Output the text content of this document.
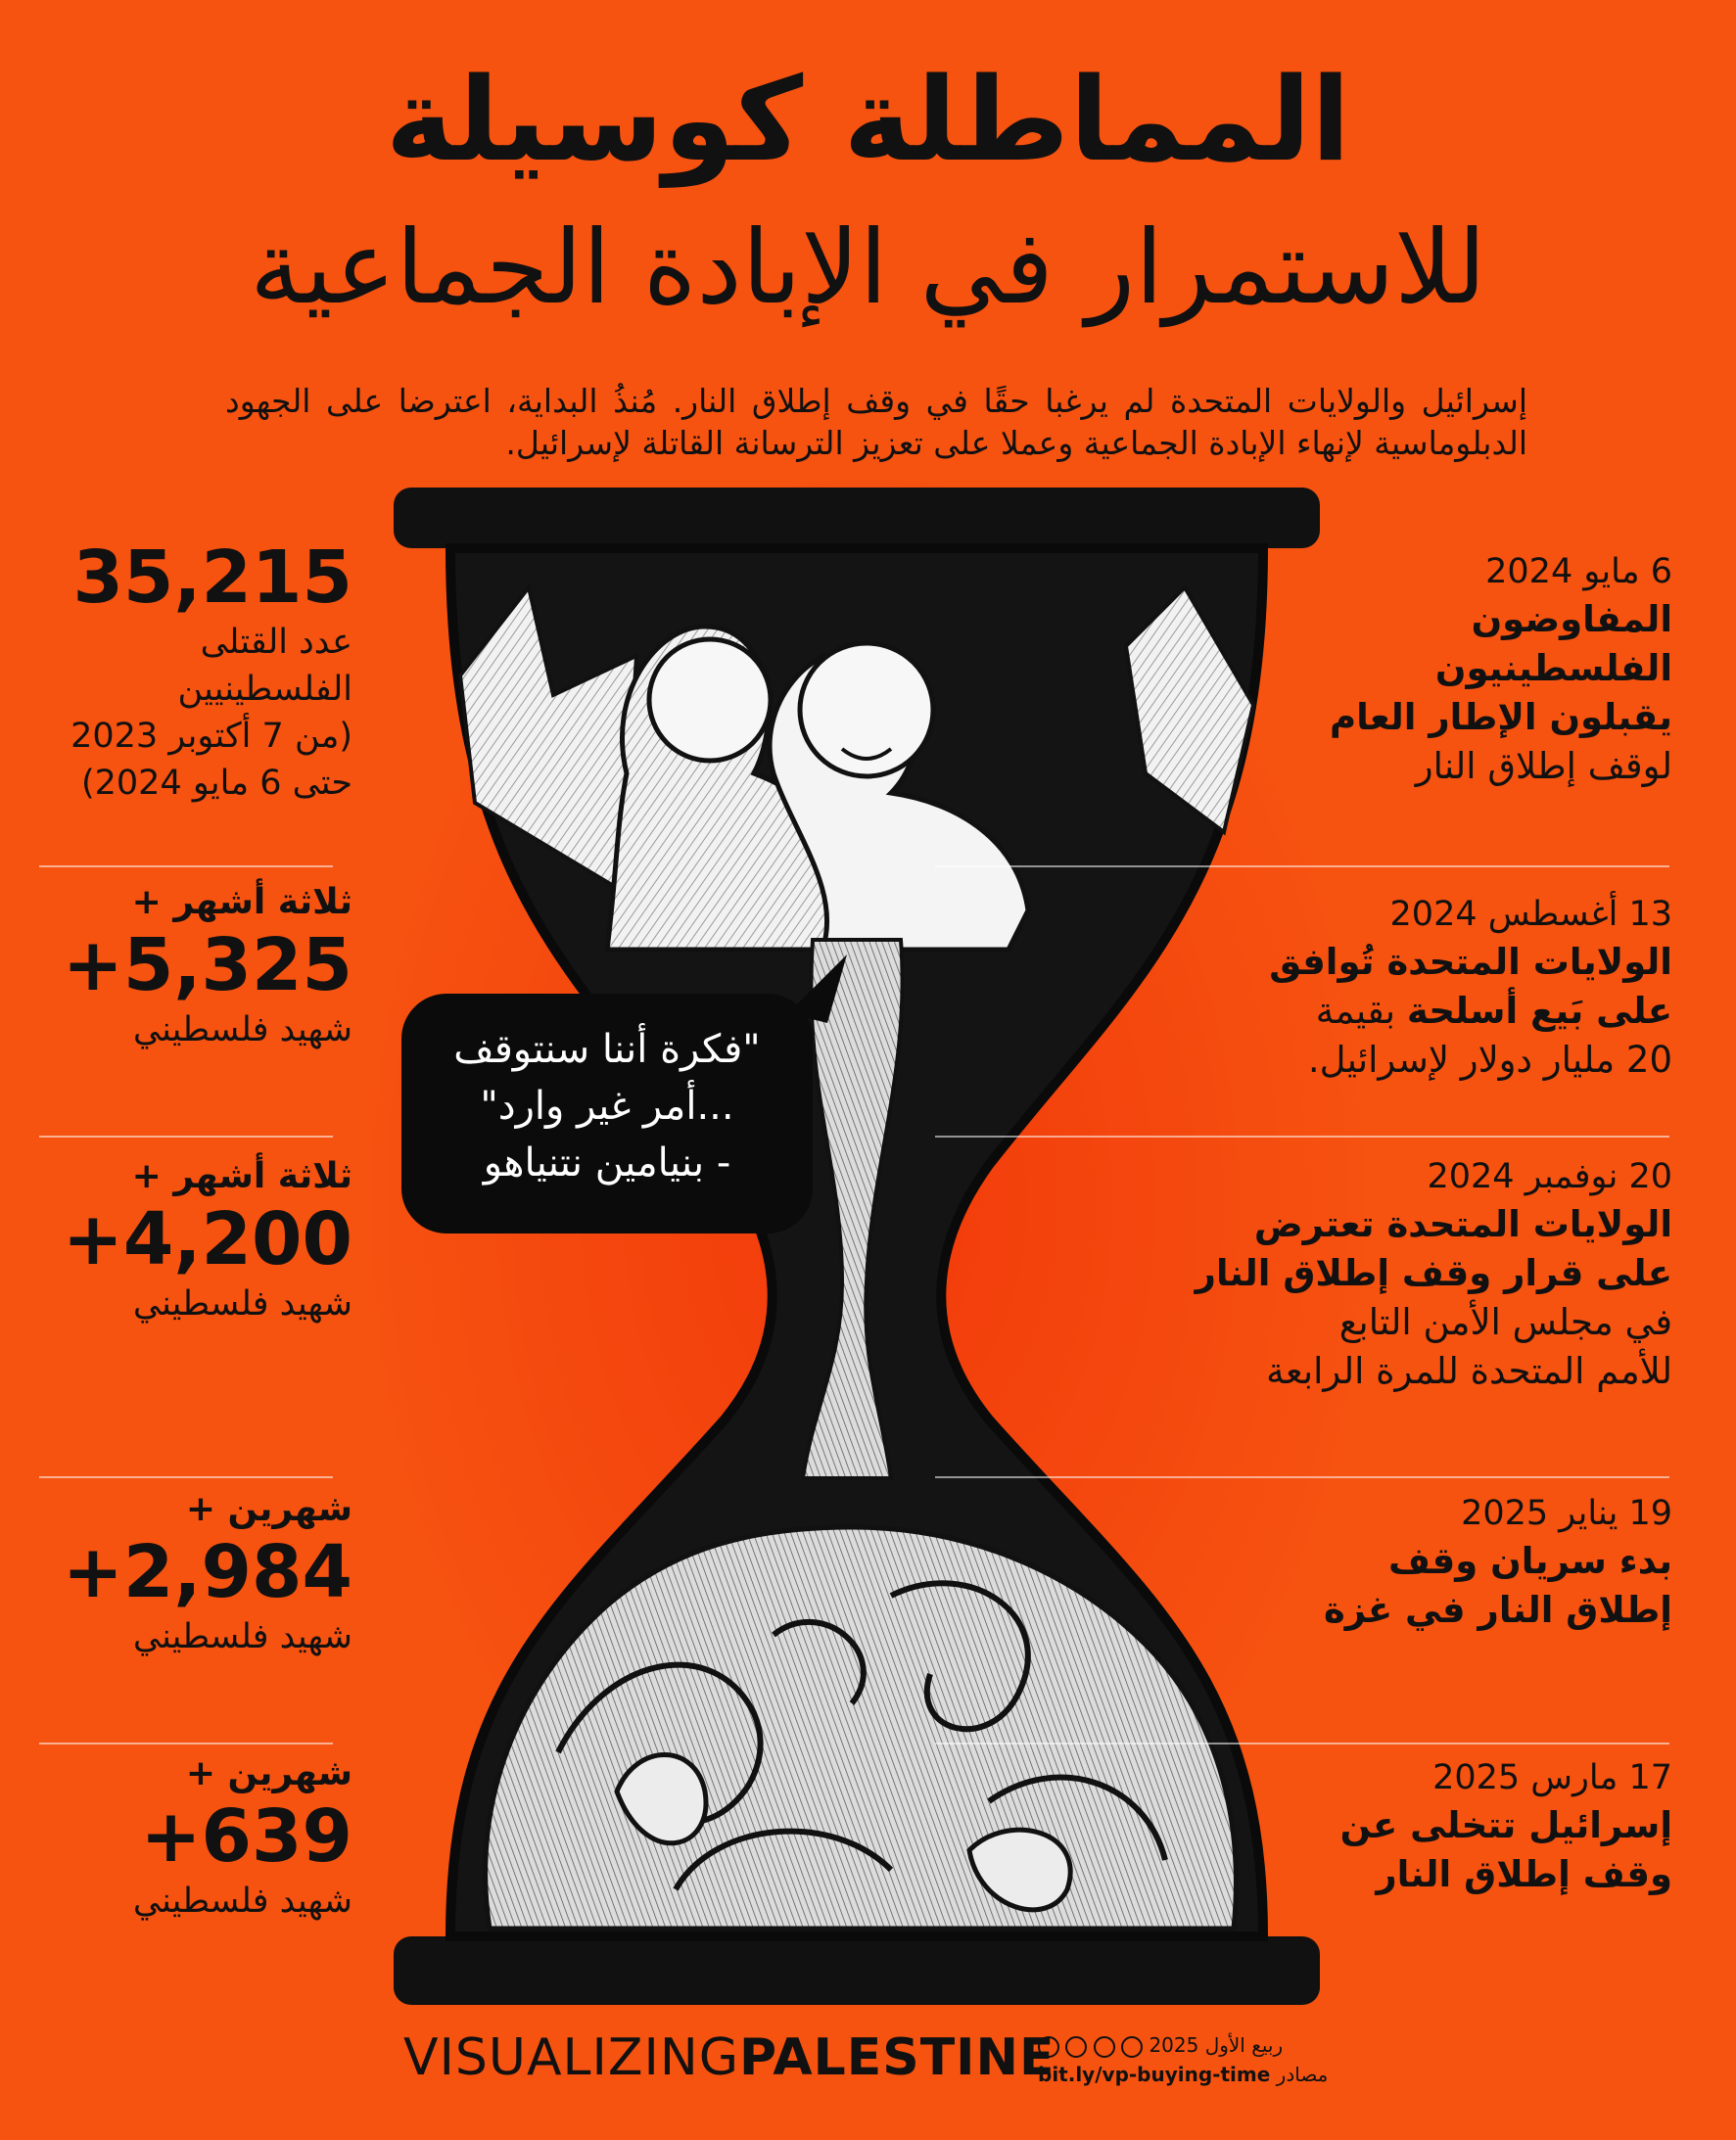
المماطلة كوسيلة
للاستمرار في الإبادة الجماعية
إسرائيل والولايات المتحدة لم يرغبا حقًا في وقف إطلاق النار. مُنذُ البداية، اعترضا على الجهود الدبلوماسية لإنهاء الإبادة الجماعية وعملا على تعزيز الترسانة القاتلة لإسرائيل.
"فكرة أننا سنتوقف
...أمر غير وارد"
- بنيامين نتنياهو
35,215
عدد القتلى
الفلسطينيين
(من 7 أكتوبر 2023
حتى 6 مايو 2024)
ثلاثة أشهر +
+5,325
شهيد فلسطيني
ثلاثة أشهر +
+4,200
شهيد فلسطيني
شهرين +
+2,984
شهيد فلسطيني
شهرين +
+639
شهيد فلسطيني
6 مايو 2024
المفاوضون
الفلسطينيون
يقبلون الإطار العام
لوقف إطلاق النار
13 أغسطس 2024
الولايات المتحدة تُوافق
على بَيع أسلحة بقيمة
20 مليار دولار لإسرائيل.
20 نوفمبر 2024
الولايات المتحدة تعترض
على قرار وقف إطلاق النار
في مجلس الأمن التابع
للأمم المتحدة للمرة الرابعة
19 يناير 2025
بدء سريان وقف
إطلاق النار في غزة
17 مارس 2025
إسرائيل تتخلى عن
وقف إطلاق النار
VISUALIZINGPALESTINE	ربيع الأول 2025
مصادر bit.ly/vp-buying-time
